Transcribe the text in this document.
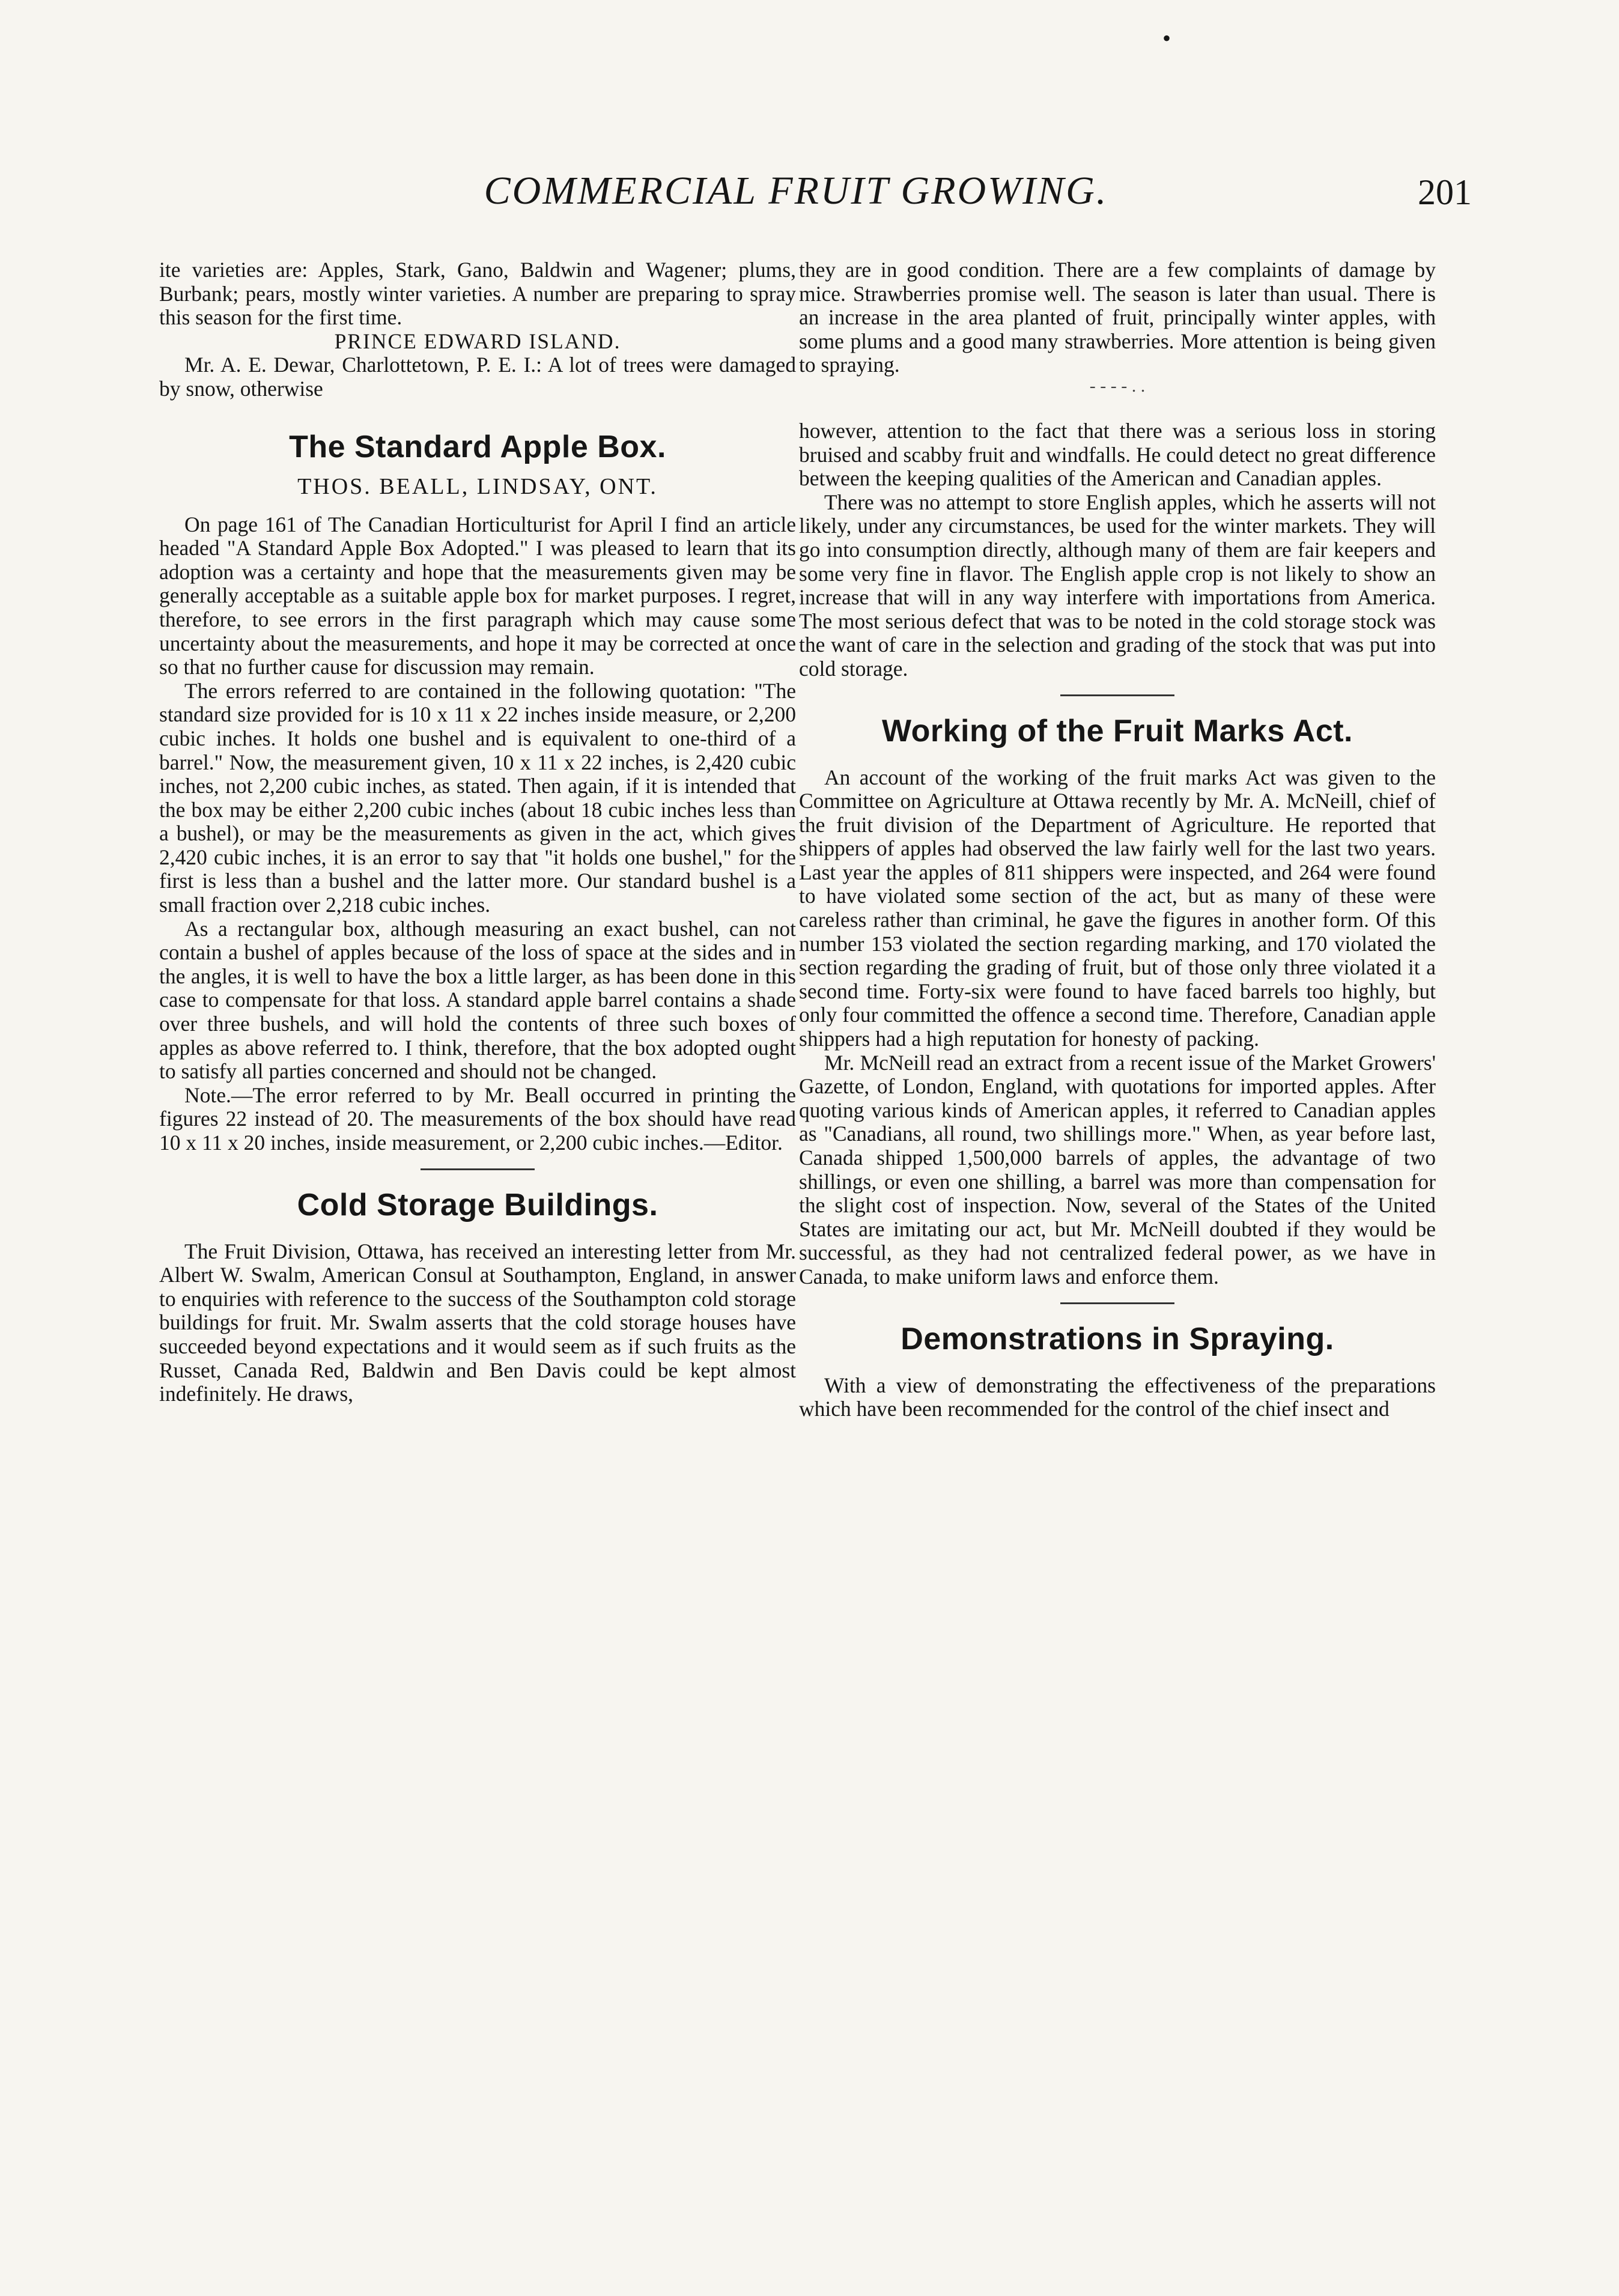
•
COMMERCIAL FRUIT GROWING.	201

ite varieties are: Apples, Stark, Gano, Baldwin and Wagener; plums, Burbank; pears, mostly winter varieties. A number are preparing to spray this season for the first time.

PRINCE EDWARD ISLAND.

Mr. A. E. Dewar, Charlottetown, P. E. I.: A lot of trees were damaged by snow, otherwise

The Standard Apple Box.
THOS. BEALL, LINDSAY, ONT.

On page 161 of The Canadian Horticulturist for April I find an article headed "A Standard Apple Box Adopted." I was pleased to learn that its adoption was a certainty and hope that the measurements given may be generally acceptable as a suitable apple box for market purposes. I regret, therefore, to see errors in the first paragraph which may cause some uncertainty about the measurements, and hope it may be corrected at once so that no further cause for discussion may remain.

The errors referred to are contained in the following quotation: "The standard size provided for is 10 x 11 x 22 inches inside measure, or 2,200 cubic inches. It holds one bushel and is equivalent to one-third of a barrel." Now, the measurement given, 10 x 11 x 22 inches, is 2,420 cubic inches, not 2,200 cubic inches, as stated. Then again, if it is intended that the box may be either 2,200 cubic inches (about 18 cubic inches less than a bushel), or may be the measurements as given in the act, which gives 2,420 cubic inches, it is an error to say that "it holds one bushel," for the first is less than a bushel and the latter more. Our standard bushel is a small fraction over 2,218 cubic inches.

As a rectangular box, although measuring an exact bushel, can not contain a bushel of apples because of the loss of space at the sides and in the angles, it is well to have the box a little larger, as has been done in this case to compensate for that loss. A standard apple barrel contains a shade over three bushels, and will hold the contents of three such boxes of apples as above referred to. I think, therefore, that the box adopted ought to satisfy all parties concerned and should not be changed.

Note.—The error referred to by Mr. Beall occurred in printing the figures 22 instead of 20. The measurements of the box should have read 10 x 11 x 20 inches, inside measurement, or 2,200 cubic inches.—Editor.

Cold Storage Buildings.

The Fruit Division, Ottawa, has received an interesting letter from Mr. Albert W. Swalm, American Consul at Southampton, England, in answer to enquiries with reference to the success of the Southampton cold storage buildings for fruit. Mr. Swalm asserts that the cold storage houses have succeeded beyond expectations and it would seem as if such fruits as the Russet, Canada Red, Baldwin and Ben Davis could be kept almost indefinitely. He draws,

they are in good condition. There are a few complaints of damage by mice. Strawberries promise well. The season is later than usual. There is an increase in the area planted of fruit, principally winter apples, with some plums and a good many strawberries. More attention is being given to spraying.

- - - - . .

however, attention to the fact that there was a serious loss in storing bruised and scabby fruit and windfalls. He could detect no great difference between the keeping qualities of the American and Canadian apples.

There was no attempt to store English apples, which he asserts will not likely, under any circumstances, be used for the winter markets. They will go into consumption directly, although many of them are fair keepers and some very fine in flavor. The English apple crop is not likely to show an increase that will in any way interfere with importations from America. The most serious defect that was to be noted in the cold storage stock was the want of care in the selection and grading of the stock that was put into cold storage.

Working of the Fruit Marks Act.

An account of the working of the fruit marks Act was given to the Committee on Agriculture at Ottawa recently by Mr. A. McNeill, chief of the fruit division of the Department of Agriculture. He reported that shippers of apples had observed the law fairly well for the last two years. Last year the apples of 811 shippers were inspected, and 264 were found to have violated some section of the act, but as many of these were careless rather than criminal, he gave the figures in another form. Of this number 153 violated the section regarding marking, and 170 violated the section regarding the grading of fruit, but of those only three violated it a second time. Forty-six were found to have faced barrels too highly, but only four committed the offence a second time. Therefore, Canadian apple shippers had a high reputation for honesty of packing.

Mr. McNeill read an extract from a recent issue of the Market Growers' Gazette, of London, England, with quotations for imported apples. After quoting various kinds of American apples, it referred to Canadian apples as "Canadians, all round, two shillings more." When, as year before last, Canada shipped 1,500,000 barrels of apples, the advantage of two shillings, or even one shilling, a barrel was more than compensation for the slight cost of inspection. Now, several of the States of the United States are imitating our act, but Mr. McNeill doubted if they would be successful, as they had not centralized federal power, as we have in Canada, to make uniform laws and enforce them.

Demonstrations in Spraying.

With a view of demonstrating the effectiveness of the preparations which have been recommended for the control of the chief insect and
